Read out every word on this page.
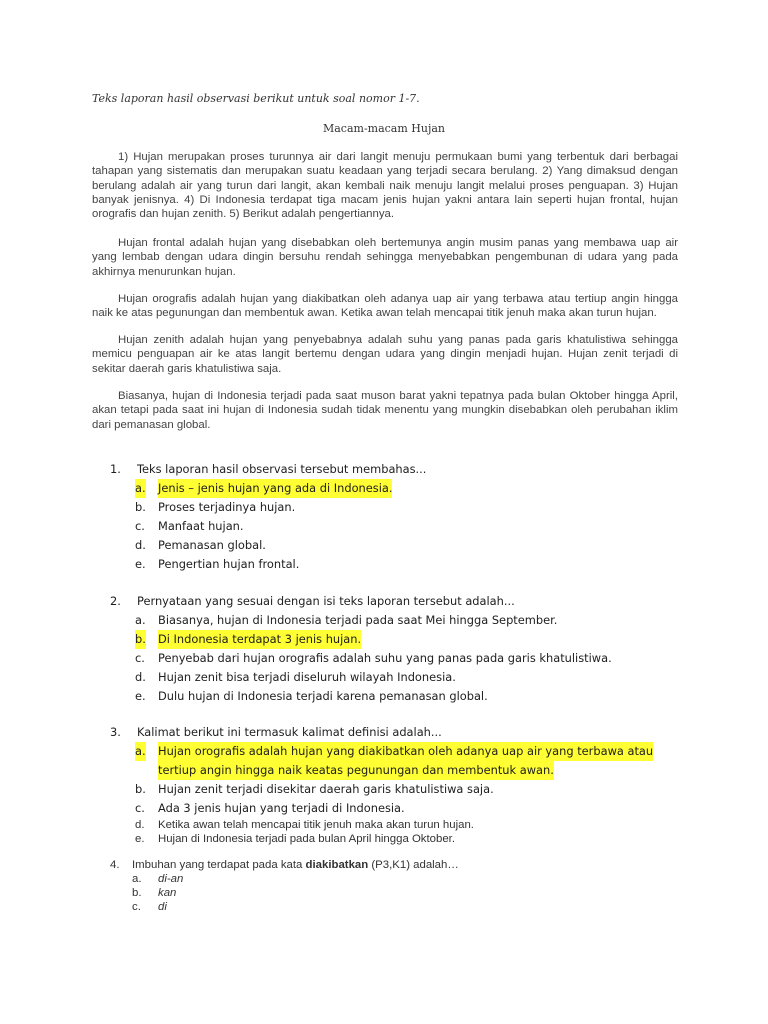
Teks laporan hasil observasi berikut untuk soal nomor 1-7.
Macam-macam Hujan
1) Hujan merupakan proses turunnya air dari langit menuju permukaan bumi yang terbentuk dari berbagai tahapan yang sistematis dan merupakan suatu keadaan yang terjadi secara berulang. 2) Yang dimaksud dengan berulang adalah air yang turun dari langit, akan kembali naik menuju langit melalui proses penguapan. 3) Hujan banyak jenisnya. 4) Di Indonesia terdapat tiga macam jenis hujan yakni antara lain seperti hujan frontal, hujan orografis dan hujan zenith. 5) Berikut adalah pengertiannya.
Hujan frontal adalah hujan yang disebabkan oleh bertemunya angin musim panas yang membawa uap air yang lembab dengan udara dingin bersuhu rendah sehingga menyebabkan pengembunan di udara yang pada akhirnya menurunkan hujan.
Hujan orografis adalah hujan yang diakibatkan oleh adanya uap air yang terbawa atau tertiup angin hingga naik ke atas pegunungan dan membentuk awan. Ketika awan telah mencapai titik jenuh maka akan turun hujan.
Hujan zenith adalah hujan yang penyebabnya adalah suhu yang panas pada garis khatulistiwa sehingga memicu penguapan air ke atas langit bertemu dengan udara yang dingin menjadi hujan. Hujan zenit terjadi di sekitar daerah garis khatulistiwa saja.
Biasanya, hujan di Indonesia terjadi pada saat muson barat yakni tepatnya pada bulan Oktober hingga April, akan tetapi pada saat ini hujan di Indonesia sudah tidak menentu yang mungkin disebabkan oleh perubahan iklim dari pemanasan global.
1. Teks laporan hasil observasi tersebut membahas...
a. Jenis – jenis hujan yang ada di Indonesia.
b. Proses terjadinya hujan.
c. Manfaat hujan.
d. Pemanasan global.
e. Pengertian hujan frontal.
2. Pernyataan yang sesuai dengan isi teks laporan tersebut adalah...
a. Biasanya, hujan di Indonesia terjadi pada saat Mei hingga September.
b. Di Indonesia terdapat 3 jenis hujan.
c. Penyebab dari hujan orografis adalah suhu yang panas pada garis khatulistiwa.
d. Hujan zenit bisa terjadi diseluruh wilayah Indonesia.
e. Dulu hujan di Indonesia terjadi karena pemanasan global.
3. Kalimat berikut ini termasuk kalimat definisi adalah...
a. Hujan orografis adalah hujan yang diakibatkan oleh adanya uap air yang terbawa atau
tertiup angin hingga naik keatas pegunungan dan membentuk awan.
b. Hujan zenit terjadi disekitar daerah garis khatulistiwa saja.
c. Ada 3 jenis hujan yang terjadi di Indonesia.
d. Ketika awan telah mencapai titik jenuh maka akan turun hujan.
e. Hujan di Indonesia terjadi pada bulan April hingga Oktober.
4. Imbuhan yang terdapat pada kata diakibatkan (P3,K1) adalah…
a. di-an
b. kan
c. di
